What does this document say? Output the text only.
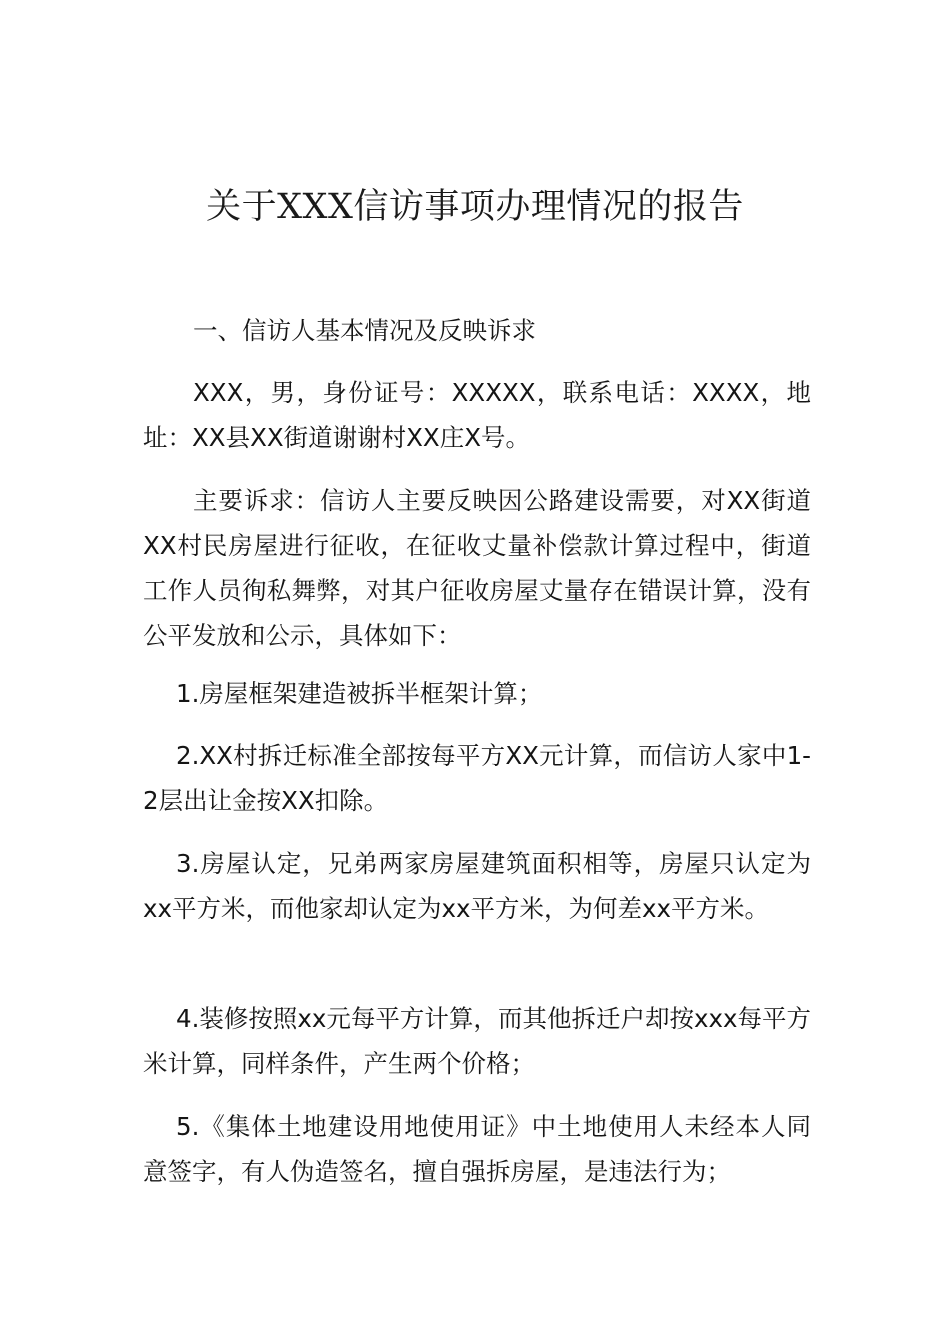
关于XXX信访事项办理情况的报告

一、信访人基本情况及反映诉求

XXX，男，身份证号：XXXXX，联系电话：XXXX，地址：XX县XX街道谢谢村XX庄X号。

主要诉求：信访人主要反映因公路建设需要，对XX街道XX村民房屋进行征收，在征收丈量补偿款计算过程中，街道工作人员徇私舞弊，对其户征收房屋丈量存在错误计算，没有公平发放和公示，具体如下：

1.房屋框架建造被拆半框架计算；

2.XX村拆迁标准全部按每平方XX元计算，而信访人家中1-2层出让金按XX扣除。

3.房屋认定，兄弟两家房屋建筑面积相等，房屋只认定为xx平方米，而他家却认定为xx平方米，为何差xx平方米。

4.装修按照xx元每平方计算，而其他拆迁户却按xxx每平方米计算，同样条件，产生两个价格；

5.《集体土地建设用地使用证》中土地使用人未经本人同意签字，有人伪造签名，擅自强拆房屋，是违法行为；
